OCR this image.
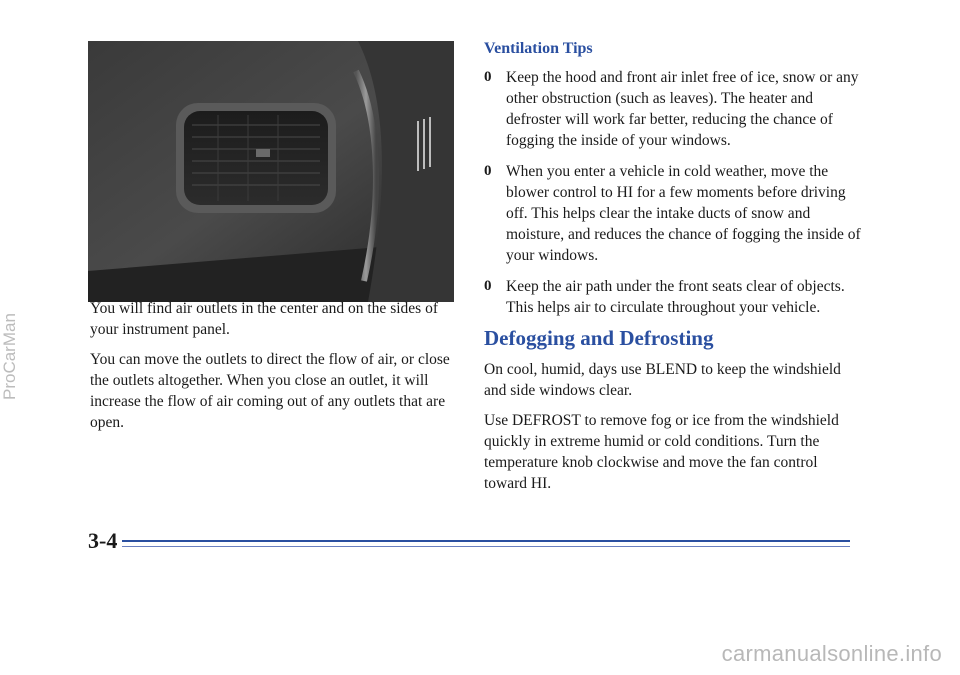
You will find air outlets in the center and on the sides of your instrument panel.

You can move the outlets to direct the flow of air, or close the outlets altogether. When you close an outlet, it will increase the flow of air coming out of any outlets that are open.

Ventilation Tips
0 Keep the hood and front air inlet free of ice, snow or any other obstruction (such as leaves). The heater and defroster will work far better, reducing the chance of fogging the inside of your windows.
0 When you enter a vehicle in cold weather, move the blower control to HI for a few moments before driving off. This helps clear the intake ducts of snow and moisture, and reduces the chance of fogging the inside of your windows.
0 Keep the air path under the front seats clear of objects. This helps air to circulate throughout your vehicle.
Defogging and Defrosting

On cool, humid, days use BLEND to keep the windshield and side windows clear.

Use DEFROST to remove fog or ice from the windshield quickly in extreme humid or cold conditions. Turn the temperature knob clockwise and move the fan control toward HI.

3-4
ProCarMan
carmanualsonline.info
